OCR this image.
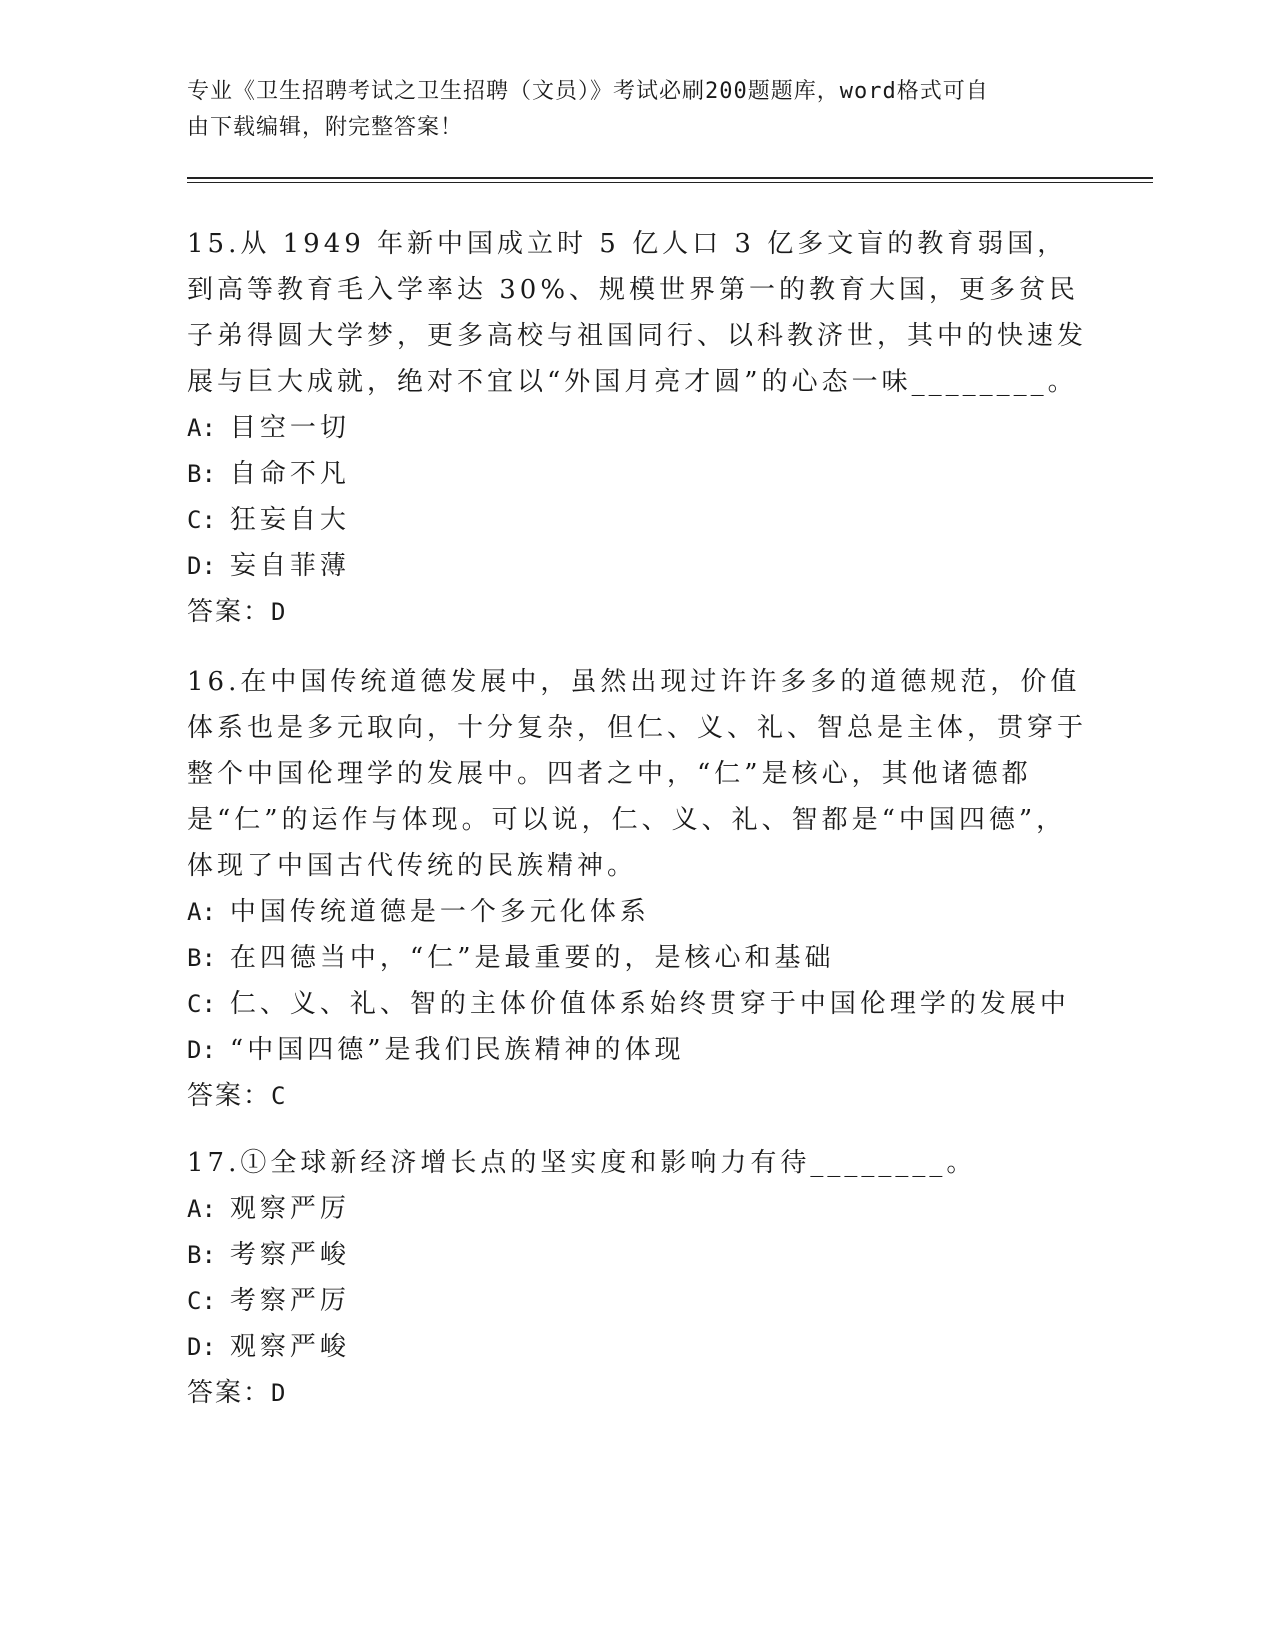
专业《卫生招聘考试之卫生招聘（文员）》考试必刷200题题库，word格式可自
由下载编辑，附完整答案！

15.从 1949 年新中国成立时 5 亿人口 3 亿多文盲的教育弱国，到高等教育毛入学率达 30%、规模世界第一的教育大国，更多贫民子弟得圆大学梦，更多高校与祖国同行、以科教济世，其中的快速发展与巨大成就，绝对不宜以“外国月亮才圆”的心态一味________。

A: 目空一切

B: 自命不凡

C: 狂妄自大

D: 妄自菲薄

答案：D

16.在中国传统道德发展中，虽然出现过许许多多的道德规范，价值体系也是多元取向，十分复杂，但仁、义、礼、智总是主体，贯穿于整个中国伦理学的发展中。四者之中，“仁”是核心，其他诸德都是“仁”的运作与体现。可以说，仁、义、礼、智都是“中国四德”，体现了中国古代传统的民族精神。

A: 中国传统道德是一个多元化体系

B: 在四德当中，“仁”是最重要的，是核心和基础

C: 仁、义、礼、智的主体价值体系始终贯穿于中国伦理学的发展中

D: “中国四德”是我们民族精神的体现

答案：C

17.①全球新经济增长点的坚实度和影响力有待________。

A: 观察严厉

B: 考察严峻

C: 考察严厉

D: 观察严峻

答案：D
